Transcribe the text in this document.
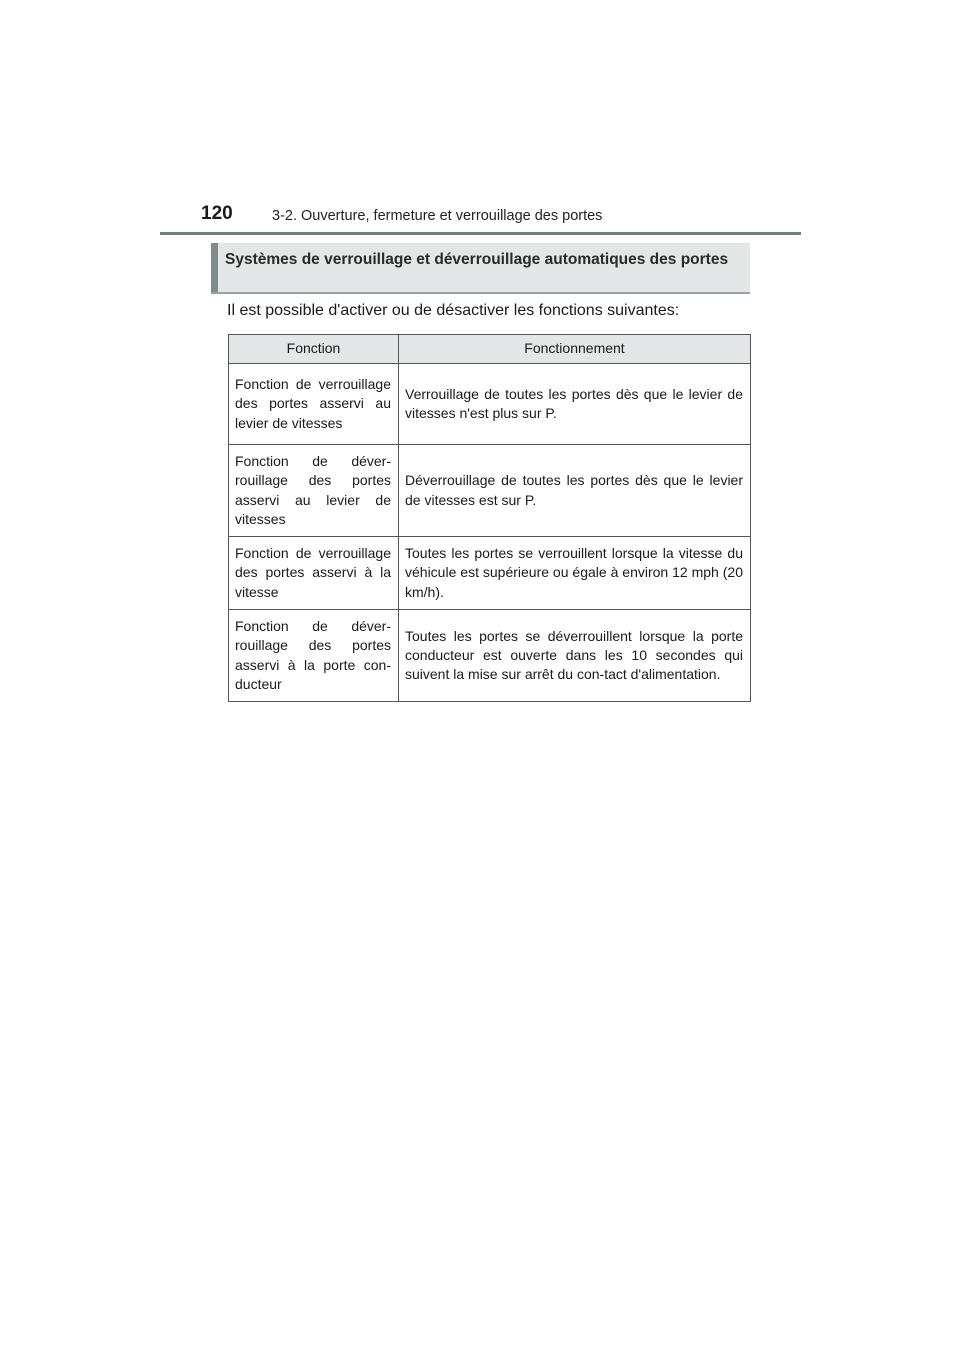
120	3-2. Ouverture, fermeture et verrouillage des portes
Systèmes de verrouillage et déverrouillage automatiques des portes
Il est possible d'activer ou de désactiver les fonctions suivantes:
Fonction	Fonctionnement
Fonction de verrouillage des portes asservi au levier de vitesses	Verrouillage de toutes les portes dès que le levier de vitesses n'est plus sur P.
Fonction de déver-rouillage des portes asservi au levier de vitesses	Déverrouillage de toutes les portes dès que le levier de vitesses est sur P.
Fonction de verrouillage des portes asservi à la vitesse	Toutes les portes se verrouillent lorsque la vitesse du véhicule est supérieure ou égale à environ 12 mph (20 km/h).
Fonction de déver-rouillage des portes asservi à la porte con-ducteur	Toutes les portes se déverrouillent lorsque la porte conducteur est ouverte dans les 10 secondes qui suivent la mise sur arrêt du con-tact d'alimentation.
